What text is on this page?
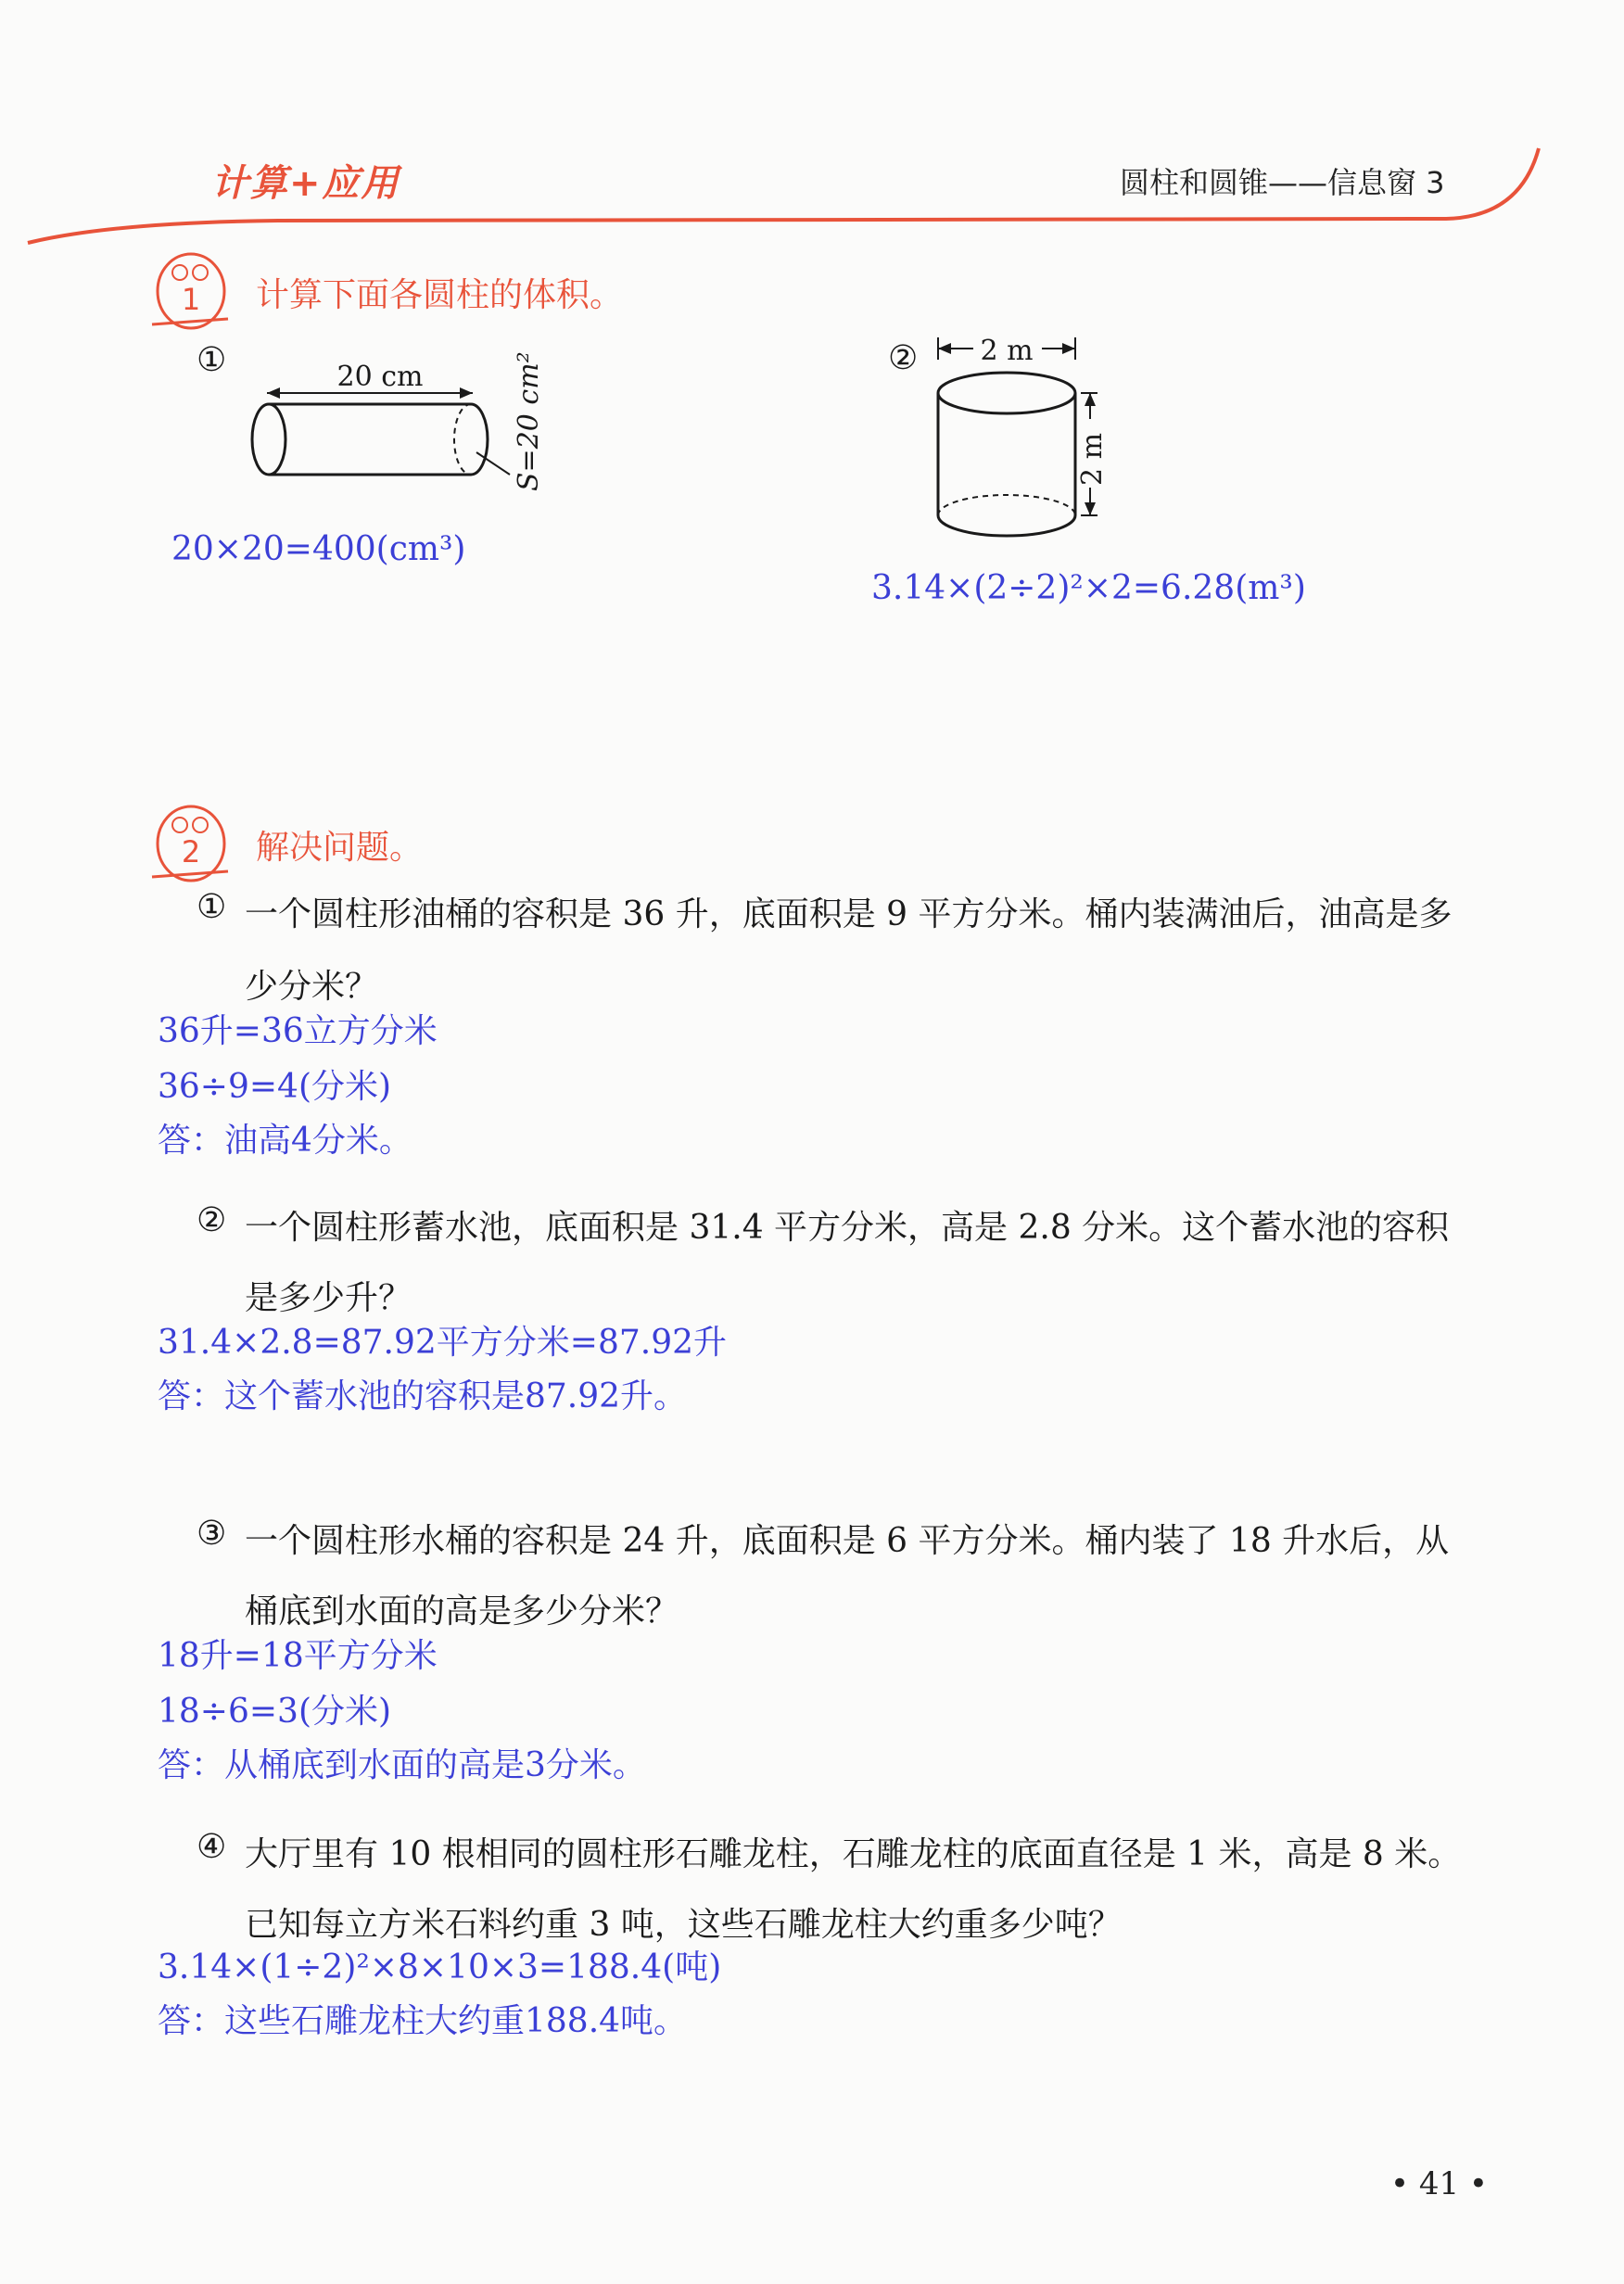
计算+应用	圆柱和圆锥——信息窗 3
1 计算下面各圆柱的体积。
①	20 cm	S=20 cm²
20×20=400(cm³)
② 2 m
2 m
3.14×(2÷2)²×2=6.28(m³)
2 解决问题。
① 一个圆柱形油桶的容积是 36 升，底面积是 9 平方分米。桶内装满油后，油高是多
少分米？
36升=36立方分米
36÷9=4(分米)
答：油高4分米。
② 一个圆柱形蓄水池，底面积是 31.4 平方分米，高是 2.8 分米。这个蓄水池的容积
是多少升？
31.4×2.8=87.92平方分米=87.92升
答：这个蓄水池的容积是87.92升。
③ 一个圆柱形水桶的容积是 24 升，底面积是 6 平方分米。桶内装了 18 升水后，从
桶底到水面的高是多少分米？
18升=18平方分米
18÷6=3(分米)
答：从桶底到水面的高是3分米。
④ 大厅里有 10 根相同的圆柱形石雕龙柱，石雕龙柱的底面直径是 1 米，高是 8 米。
已知每立方米石料约重 3 吨，这些石雕龙柱大约重多少吨？
3.14×(1÷2)²×8×10×3=188.4(吨)
答：这些石雕龙柱大约重188.4吨。
• 41 •
